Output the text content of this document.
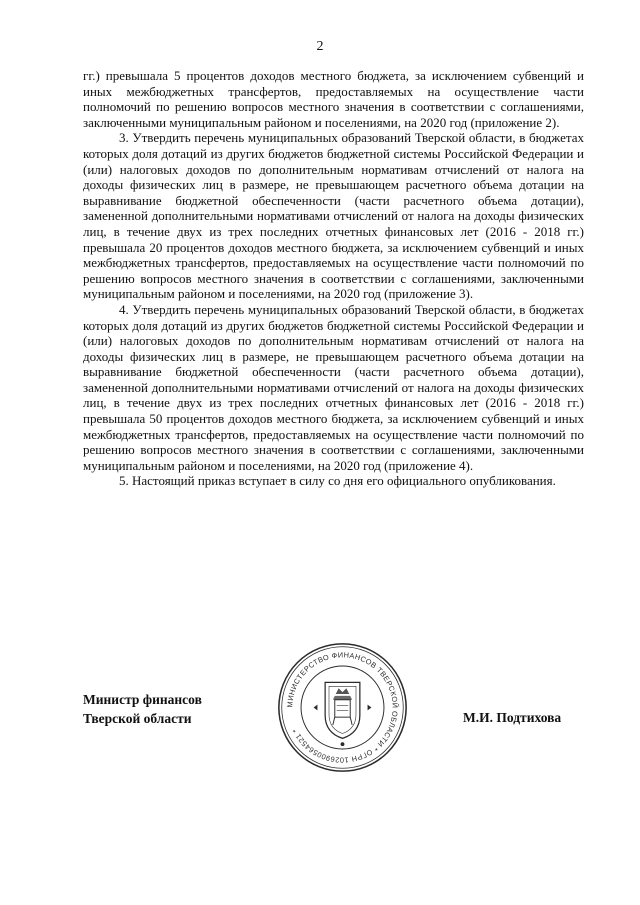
2

гг.) превышала 5 процентов доходов местного бюджета, за исключением субвенций и иных межбюджетных трансфертов, предоставляемых на осуществление части полномочий по решению вопросов местного значения в соответствии с соглашениями, заключенными муниципальным районом и поселениями, на 2020 год (приложение 2).

3. Утвердить перечень муниципальных образований Тверской области, в бюджетах которых доля дотаций из других бюджетов бюджетной системы Российской Федерации и (или) налоговых доходов по дополнительным нормативам отчислений от налога на доходы физических лиц в размере, не превышающем расчетного объема дотации на выравнивание бюджетной обеспеченности (части расчетного объема дотации), замененной дополнительными нормативами отчислений от налога на доходы физических лиц, в течение двух из трех последних отчетных финансовых лет (2016 - 2018 гг.) превышала 20 процентов доходов местного бюджета, за исключением субвенций и иных межбюджетных трансфертов, предоставляемых на осуществление части полномочий по решению вопросов местного значения в соответствии с соглашениями, заключенными муниципальным районом и поселениями, на 2020 год (приложение 3).

4. Утвердить перечень муниципальных образований Тверской области, в бюджетах которых доля дотаций из других бюджетов бюджетной системы Российской Федерации и (или) налоговых доходов по дополнительным нормативам отчислений от налога на доходы физических лиц в размере, не превышающем расчетного объема дотации на выравнивание бюджетной обеспеченности (части расчетного объема дотации), замененной дополнительными нормативами отчислений от налога на доходы физических лиц, в течение двух из трех последних отчетных финансовых лет (2016 - 2018 гг.) превышала 50 процентов доходов местного бюджета, за исключением субвенций и иных межбюджетных трансфертов, предоставляемых на осуществление части полномочий по решению вопросов местного значения в соответствии с соглашениями, заключенными муниципальным районом и поселениями, на 2020 год (приложение 4).

5. Настоящий приказ вступает в силу со дня его официального опубликования.

Министр финансов
Тверской области
МИНИСТЕРСТВО ФИНАНСОВ ТВЕРСКОЙ ОБЛАСТИ * ОГРН 1026900564521 *
М.И. Подтихова
